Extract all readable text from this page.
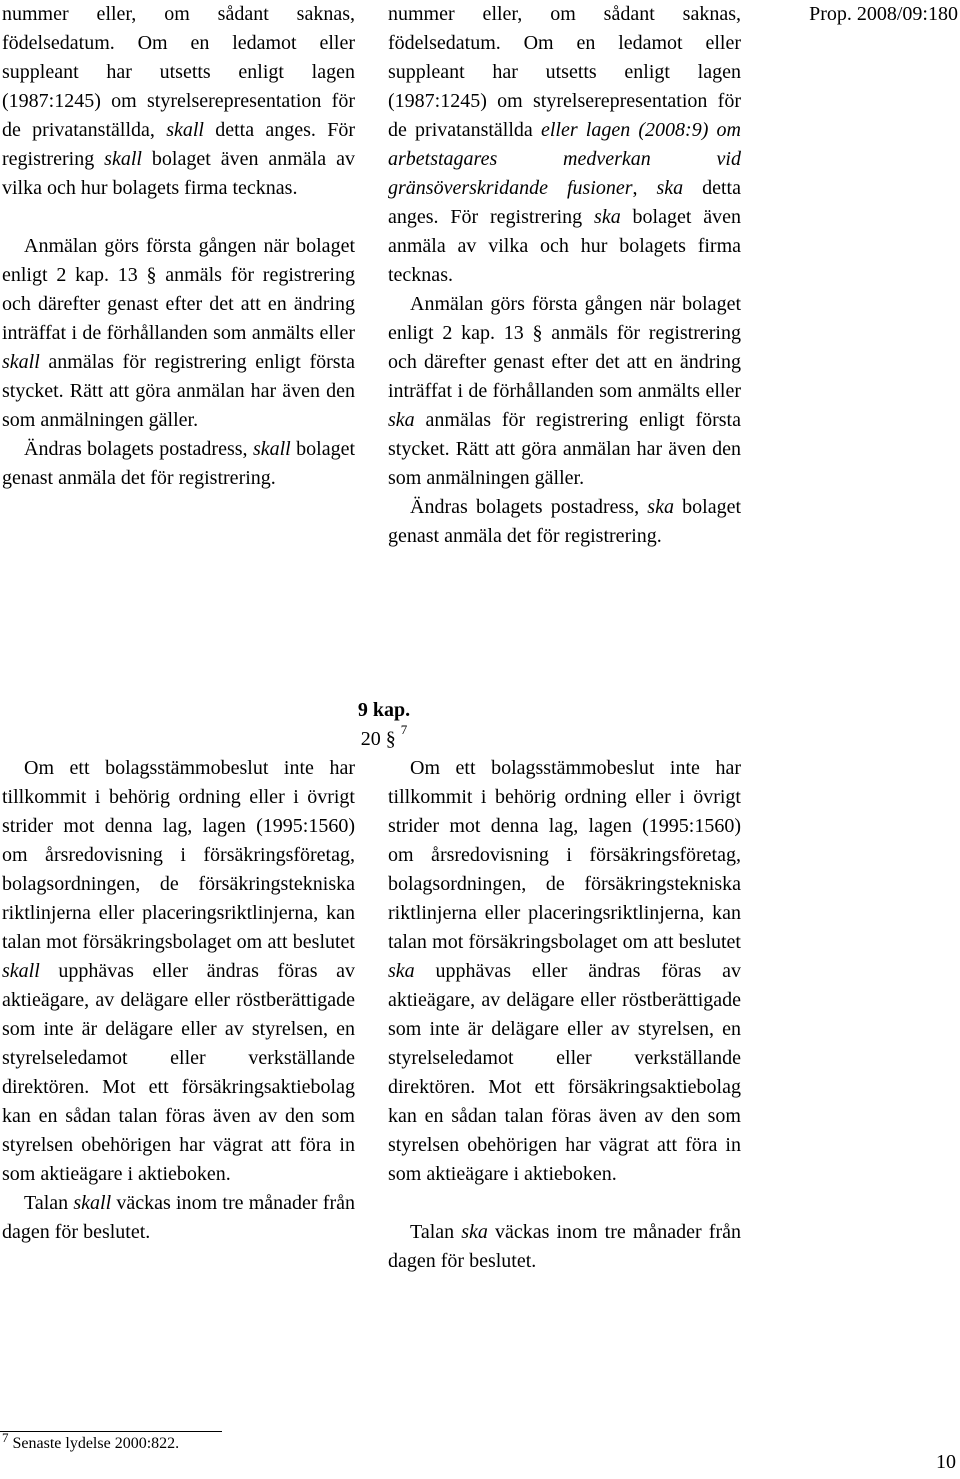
Prop. 2008/09:180

nummer eller, om sådant saknas, födelsedatum. Om en ledamot eller suppleant har utsetts enligt lagen (1987:1245) om styrelserepresentation för de privatanställda, skall detta anges. För registrering skall bolaget även anmäla av vilka och hur bolagets firma tecknas.

Anmälan görs första gången när bolaget enligt 2 kap. 13 § anmäls för registrering och därefter genast efter det att en ändring inträffat i de förhållanden som anmälts eller skall anmälas för registrering enligt första stycket. Rätt att göra anmälan har även den som anmälningen gäller.

Ändras bolagets postadress, skall bolaget genast anmäla det för registrering.

nummer eller, om sådant saknas, födelsedatum. Om en ledamot eller suppleant har utsetts enligt lagen (1987:1245) om styrelserepresentation för de privatanställda eller lagen (2008:9) om arbetstagares medverkan vid gränsöverskridande fusioner, ska detta anges. För registrering ska bolaget även anmäla av vilka och hur bolagets firma tecknas.

Anmälan görs första gången när bolaget enligt 2 kap. 13 § anmäls för registrering och därefter genast efter det att en ändring inträffat i de förhållanden som anmälts eller ska anmälas för registrering enligt första stycket. Rätt att göra anmälan har även den som anmälningen gäller.

Ändras bolagets postadress, ska bolaget genast anmäla det för registrering.

9 kap.
20 § $^7$

Om ett bolagsstämmobeslut inte har tillkommit i behörig ordning eller i övrigt strider mot denna lag, lagen (1995:1560) om årsredovisning i försäkringsföretag, bolagsordningen, de försäkringstekniska riktlinjerna eller placeringsriktlinjerna, kan talan mot försäkringsbolaget om att beslutet skall upphävas eller ändras föras av aktieägare, av delägare eller röstberättigade som inte är delägare eller av styrelsen, en styrelseledamot eller verkställande direktören. Mot ett försäkringsaktiebolag kan en sådan talan föras även av den som styrelsen obehörigen har vägrat att föra in som aktieägare i aktieboken.

Talan skall väckas inom tre månader från dagen för beslutet.

Om ett bolagsstämmobeslut inte har tillkommit i behörig ordning eller i övrigt strider mot denna lag, lagen (1995:1560) om årsredovisning i försäkringsföretag, bolagsordningen, de försäkringstekniska riktlinjerna eller placeringsriktlinjerna, kan talan mot försäkringsbolaget om att beslutet ska upphävas eller ändras föras av aktieägare, av delägare eller röstberättigade som inte är delägare eller av styrelsen, en styrelseledamot eller verkställande direktören. Mot ett försäkringsaktiebolag kan en sådan talan föras även av den som styrelsen obehörigen har vägrat att föra in som aktieägare i aktieboken.

Talan ska väckas inom tre månader från dagen för beslutet.

$^7$ Senaste lydelse 2000:822.
10
